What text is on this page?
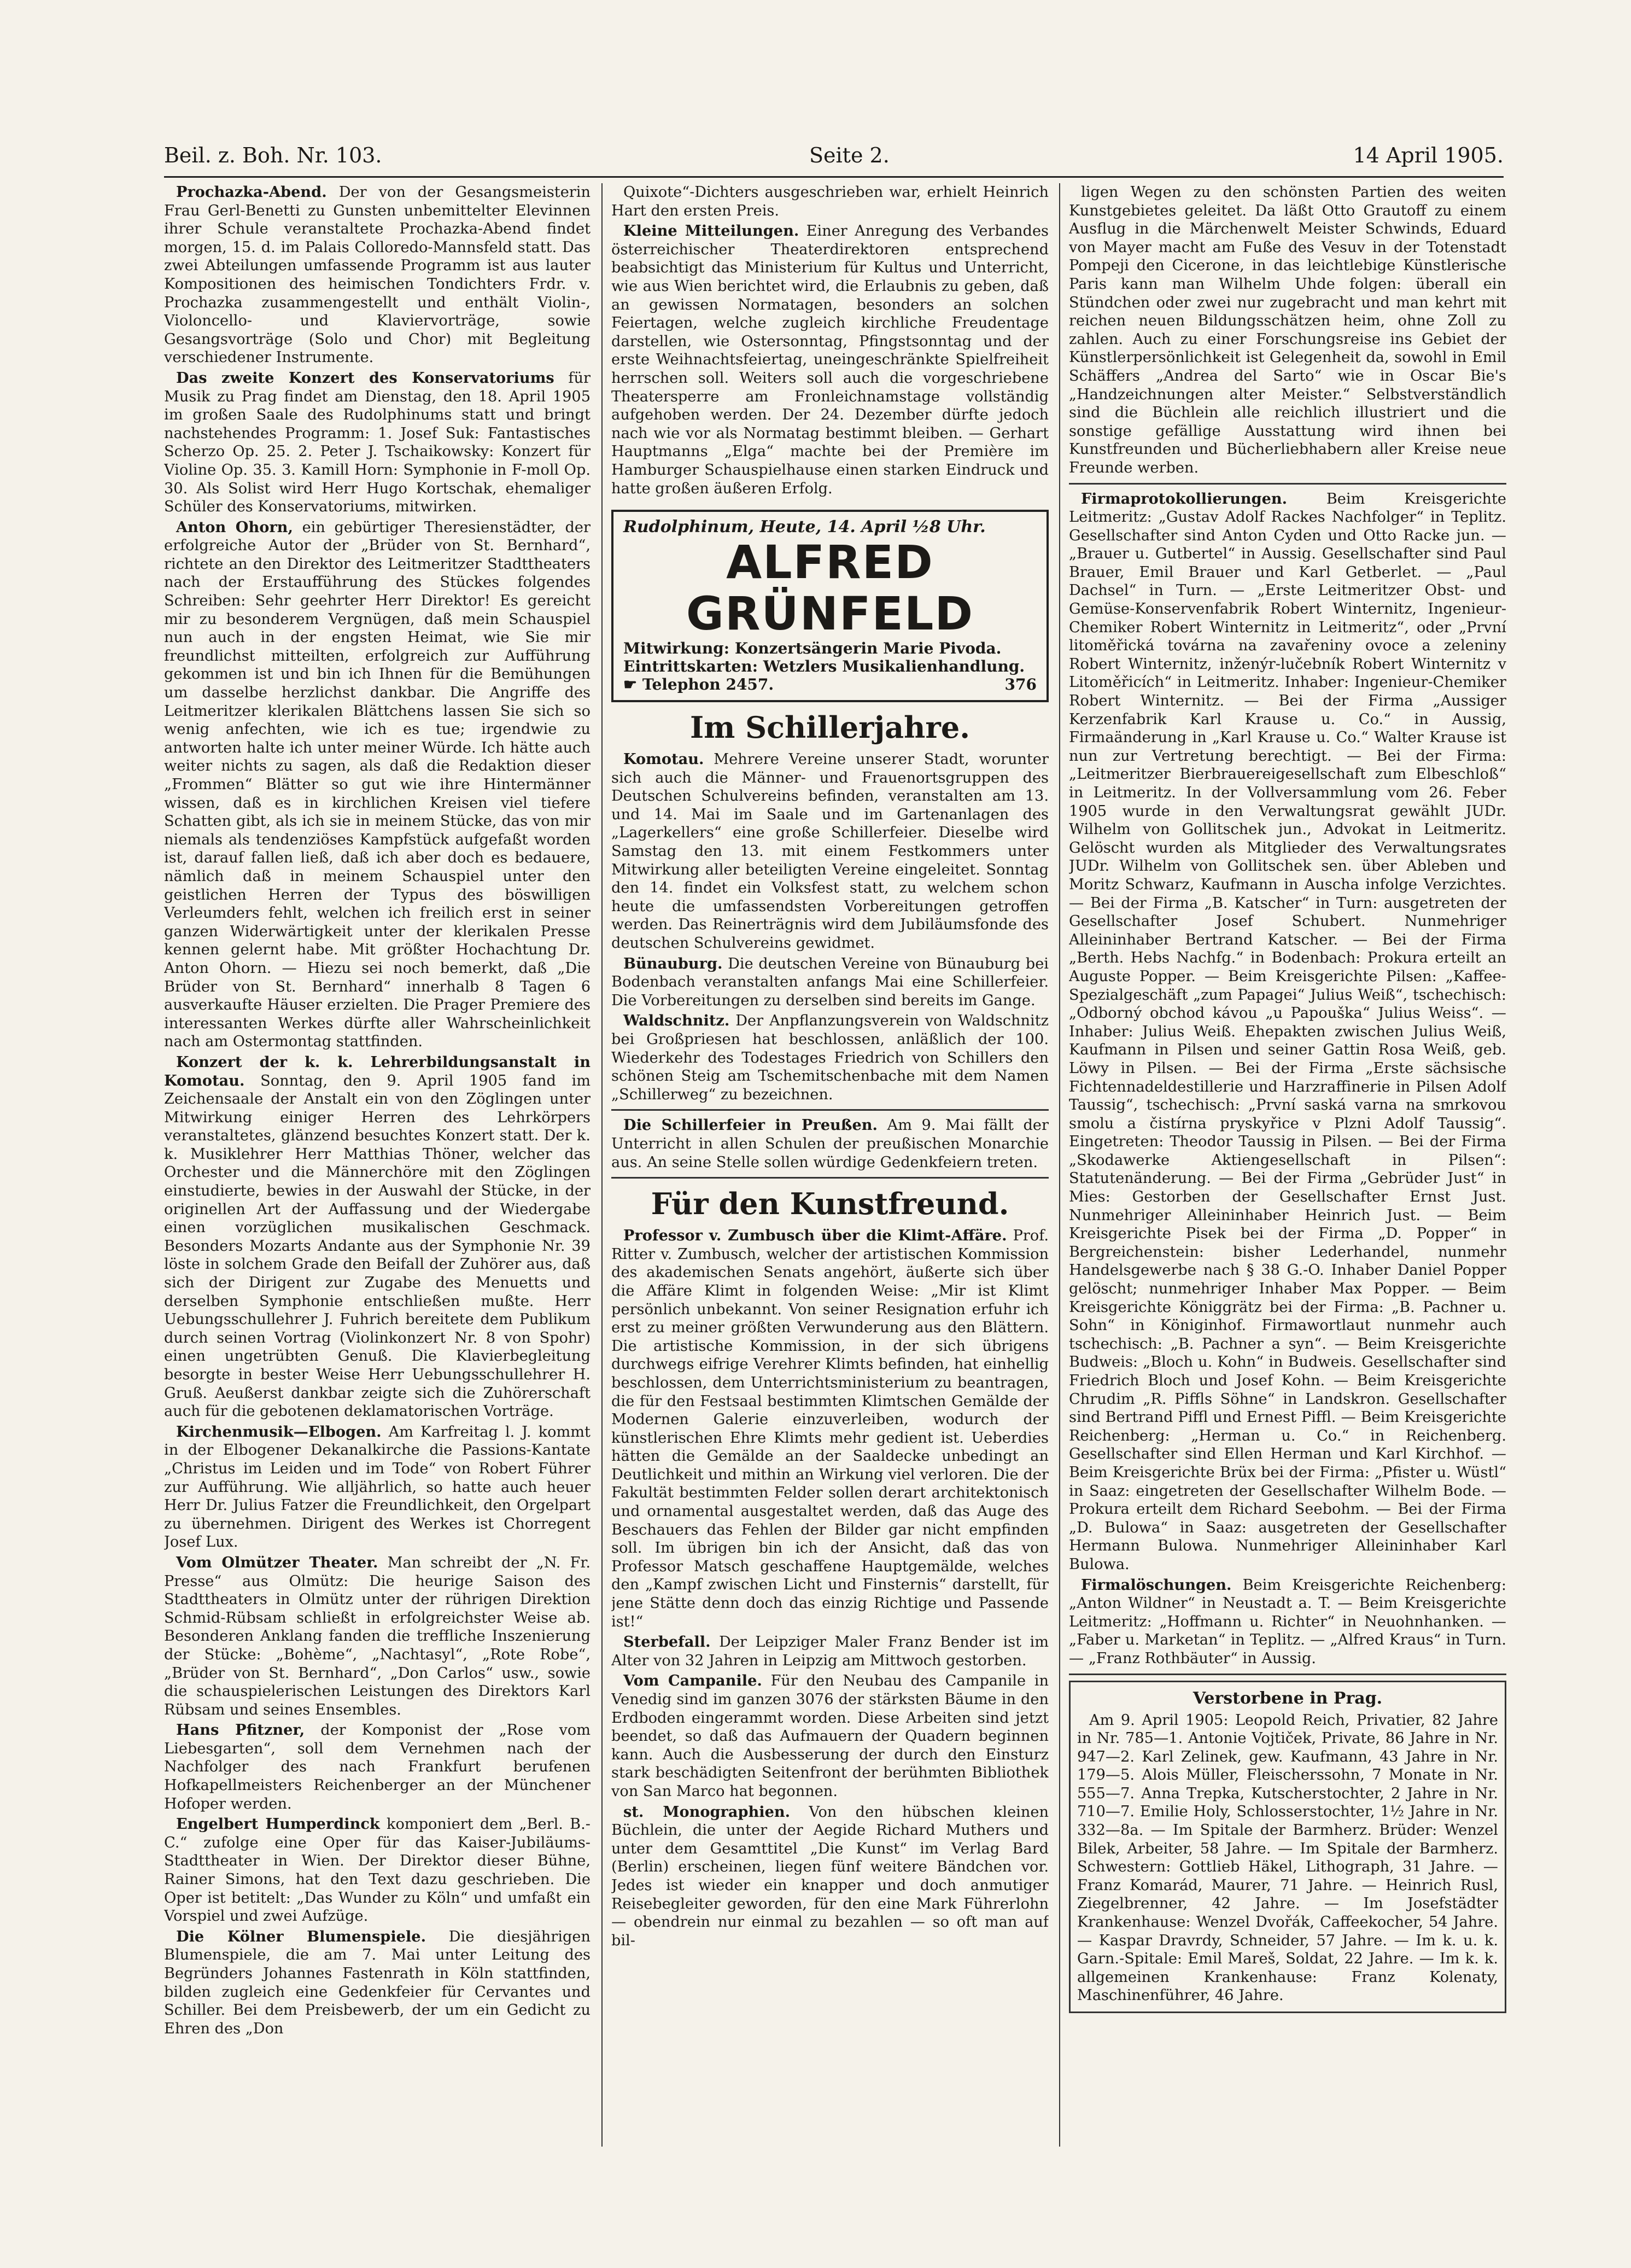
Beil. z. Boh. Nr. 103.	Seite 2.	14 April 1905.

Prochazka-Abend. Der von der Gesangsmeisterin Frau Gerl-Benetti zu Gunsten unbemittelter Elevinnen ihrer Schule veranstaltete Prochazka-Abend findet morgen, 15. d. im Palais Colloredo-Mannsfeld statt. Das zwei Abteilungen umfassende Programm ist aus lauter Kompositionen des heimischen Tondichters Frdr. v. Prochazka zusammengestellt und enthält Violin-, Violoncello- und Klaviervorträge, sowie Gesangsvorträge (Solo und Chor) mit Begleitung verschiedener Instrumente.

Das zweite Konzert des Konservatoriums für Musik zu Prag findet am Dienstag, den 18. April 1905 im großen Saale des Rudolphinums statt und bringt nachstehendes Programm: 1. Josef Suk: Fantastisches Scherzo Op. 25. 2. Peter J. Tschaikowsky: Konzert für Violine Op. 35. 3. Kamill Horn: Symphonie in F-moll Op. 30. Als Solist wird Herr Hugo Kortschak, ehemaliger Schüler des Konservatoriums, mitwirken.

Anton Ohorn, ein gebürtiger Theresienstädter, der erfolgreiche Autor der „Brüder von St. Bernhard“, richtete an den Direktor des Leitmeritzer Stadttheaters nach der Erstaufführung des Stückes folgendes Schreiben: Sehr geehrter Herr Direktor! Es gereicht mir zu besonderem Vergnügen, daß mein Schauspiel nun auch in der engsten Heimat, wie Sie mir freundlichst mitteilten, erfolgreich zur Aufführung gekommen ist und bin ich Ihnen für die Bemühungen um dasselbe herzlichst dankbar. Die Angriffe des Leitmeritzer klerikalen Blättchens lassen Sie sich so wenig anfechten, wie ich es tue; irgendwie zu antworten halte ich unter meiner Würde. Ich hätte auch weiter nichts zu sagen, als daß die Redaktion dieser „Frommen“ Blätter so gut wie ihre Hintermänner wissen, daß es in kirchlichen Kreisen viel tiefere Schatten gibt, als ich sie in meinem Stücke, das von mir niemals als tendenziöses Kampfstück aufgefaßt worden ist, darauf fallen ließ, daß ich aber doch es bedauere, nämlich daß in meinem Schauspiel unter den geistlichen Herren der Typus des böswilligen Verleumders fehlt, welchen ich freilich erst in seiner ganzen Widerwärtigkeit unter der klerikalen Presse kennen gelernt habe. Mit größter Hochachtung Dr. Anton Ohorn. — Hiezu sei noch bemerkt, daß „Die Brüder von St. Bernhard“ innerhalb 8 Tagen 6 ausverkaufte Häuser erzielten. Die Prager Premiere des interessanten Werkes dürfte aller Wahrscheinlichkeit nach am Ostermontag stattfinden.

Konzert der k. k. Lehrerbildungsanstalt in Komotau. Sonntag, den 9. April 1905 fand im Zeichensaale der Anstalt ein von den Zöglingen unter Mitwirkung einiger Herren des Lehrkörpers veranstaltetes, glänzend besuchtes Konzert statt. Der k. k. Musiklehrer Herr Matthias Thöner, welcher das Orchester und die Männerchöre mit den Zöglingen einstudierte, bewies in der Auswahl der Stücke, in der originellen Art der Auffassung und der Wiedergabe einen vorzüglichen musikalischen Geschmack. Besonders Mozarts Andante aus der Symphonie Nr. 39 löste in solchem Grade den Beifall der Zuhörer aus, daß sich der Dirigent zur Zugabe des Menuetts und derselben Symphonie entschließen mußte. Herr Uebungsschullehrer J. Fuhrich bereitete dem Publikum durch seinen Vortrag (Violinkonzert Nr. 8 von Spohr) einen ungetrübten Genuß. Die Klavierbegleitung besorgte in bester Weise Herr Uebungsschullehrer H. Gruß. Aeußerst dankbar zeigte sich die Zuhörerschaft auch für die gebotenen deklamatorischen Vorträge.

Kirchenmusik—Elbogen. Am Karfreitag l. J. kommt in der Elbogener Dekanalkirche die Passions-Kantate „Christus im Leiden und im Tode“ von Robert Führer zur Aufführung. Wie alljährlich, so hatte auch heuer Herr Dr. Julius Fatzer die Freundlichkeit, den Orgelpart zu übernehmen. Dirigent des Werkes ist Chorregent Josef Lux.

Vom Olmützer Theater. Man schreibt der „N. Fr. Presse“ aus Olmütz: Die heurige Saison des Stadttheaters in Olmütz unter der rührigen Direktion Schmid-Rübsam schließt in erfolgreichster Weise ab. Besonderen Anklang fanden die treffliche Inszenierung der Stücke: „Bohème“, „Nachtasyl“, „Rote Robe“, „Brüder von St. Bernhard“, „Don Carlos“ usw., sowie die schauspielerischen Leistungen des Direktors Karl Rübsam und seines Ensembles.

Hans Pfitzner, der Komponist der „Rose vom Liebesgarten“, soll dem Vernehmen nach der Nachfolger des nach Frankfurt berufenen Hofkapellmeisters Reichenberger an der Münchener Hofoper werden.

Engelbert Humperdinck komponiert dem „Berl. B.-C.“ zufolge eine Oper für das Kaiser-Jubiläums-Stadttheater in Wien. Der Direktor dieser Bühne, Rainer Simons, hat den Text dazu geschrieben. Die Oper ist betitelt: „Das Wunder zu Köln“ und umfaßt ein Vorspiel und zwei Aufzüge.

Die Kölner Blumenspiele. Die diesjährigen Blumenspiele, die am 7. Mai unter Leitung des Begründers Johannes Fastenrath in Köln stattfinden, bilden zugleich eine Gedenkfeier für Cervantes und Schiller. Bei dem Preisbewerb, der um ein Gedicht zu Ehren des „Don

Quixote“-Dichters ausgeschrieben war, erhielt Heinrich Hart den ersten Preis.

Kleine Mitteilungen. Einer Anregung des Verbandes österreichischer Theaterdirektoren entsprechend beabsichtigt das Ministerium für Kultus und Unterricht, wie aus Wien berichtet wird, die Erlaubnis zu geben, daß an gewissen Normatagen, besonders an solchen Feiertagen, welche zugleich kirchliche Freudentage darstellen, wie Ostersonntag, Pfingstsonntag und der erste Weihnachtsfeiertag, uneingeschränkte Spielfreiheit herrschen soll. Weiters soll auch die vorgeschriebene Theatersperre am Fronleichnamstage vollständig aufgehoben werden. Der 24. Dezember dürfte jedoch nach wie vor als Normatag bestimmt bleiben. — Gerhart Hauptmanns „Elga“ machte bei der Première im Hamburger Schauspielhause einen starken Eindruck und hatte großen äußeren Erfolg.

Rudolphinum, Heute, 14. April ½8 Uhr.
ALFRED GRÜNFELD
Mitwirkung: Konzertsängerin Marie Pivoda.
Eintrittskarten: Wetzlers Musikalienhandlung.
☛ Telephon 2457.	376
Im Schillerjahre.

Komotau. Mehrere Vereine unserer Stadt, worunter sich auch die Männer- und Frauenortsgruppen des Deutschen Schulvereins befinden, veranstalten am 13. und 14. Mai im Saale und im Gartenanlagen des „Lagerkellers“ eine große Schillerfeier. Dieselbe wird Samstag den 13. mit einem Festkommers unter Mitwirkung aller beteiligten Vereine eingeleitet. Sonntag den 14. findet ein Volksfest statt, zu welchem schon heute die umfassendsten Vorbereitungen getroffen werden. Das Reinerträgnis wird dem Jubiläumsfonde des deutschen Schulvereins gewidmet.

Bünauburg. Die deutschen Vereine von Bünauburg bei Bodenbach veranstalten anfangs Mai eine Schillerfeier. Die Vorbereitungen zu derselben sind bereits im Gange.

Waldschnitz. Der Anpflanzungsverein von Waldschnitz bei Großpriesen hat beschlossen, anläßlich der 100. Wiederkehr des Todestages Friedrich von Schillers den schönen Steig am Tschemitschenbache mit dem Namen „Schillerweg“ zu bezeichnen.

Die Schillerfeier in Preußen. Am 9. Mai fällt der Unterricht in allen Schulen der preußischen Monarchie aus. An seine Stelle sollen würdige Gedenkfeiern treten.

Für den Kunstfreund.

Professor v. Zumbusch über die Klimt-Affäre. Prof. Ritter v. Zumbusch, welcher der artistischen Kommission des akademischen Senats angehört, äußerte sich über die Affäre Klimt in folgenden Weise: „Mir ist Klimt persönlich unbekannt. Von seiner Resignation erfuhr ich erst zu meiner größten Verwunderung aus den Blättern. Die artistische Kommission, in der sich übrigens durchwegs eifrige Verehrer Klimts befinden, hat einhellig beschlossen, dem Unterrichtsministerium zu beantragen, die für den Festsaal bestimmten Klimtschen Gemälde der Modernen Galerie einzuverleiben, wodurch der künstlerischen Ehre Klimts mehr gedient ist. Ueberdies hätten die Gemälde an der Saaldecke unbedingt an Deutlichkeit und mithin an Wirkung viel verloren. Die der Fakultät bestimmten Felder sollen derart architektonisch und ornamental ausgestaltet werden, daß das Auge des Beschauers das Fehlen der Bilder gar nicht empfinden soll. Im übrigen bin ich der Ansicht, daß das von Professor Matsch geschaffene Hauptgemälde, welches den „Kampf zwischen Licht und Finsternis“ darstellt, für jene Stätte denn doch das einzig Richtige und Passende ist!“

Sterbefall. Der Leipziger Maler Franz Bender ist im Alter von 32 Jahren in Leipzig am Mittwoch gestorben.

Vom Campanile. Für den Neubau des Campanile in Venedig sind im ganzen 3076 der stärksten Bäume in den Erdboden eingerammt worden. Diese Arbeiten sind jetzt beendet, so daß das Aufmauern der Quadern beginnen kann. Auch die Ausbesserung der durch den Einsturz stark beschädigten Seitenfront der berühmten Bibliothek von San Marco hat begonnen.

st. Monographien. Von den hübschen kleinen Büchlein, die unter der Aegide Richard Muthers und unter dem Gesamttitel „Die Kunst“ im Verlag Bard (Berlin) erscheinen, liegen fünf weitere Bändchen vor. Jedes ist wieder ein knapper und doch anmutiger Reisebegleiter geworden, für den eine Mark Führerlohn — obendrein nur einmal zu bezahlen — so oft man auf bil-

ligen Wegen zu den schönsten Partien des weiten Kunstgebietes geleitet. Da läßt Otto Grautoff zu einem Ausflug in die Märchenwelt Meister Schwinds, Eduard von Mayer macht am Fuße des Vesuv in der Totenstadt Pompeji den Cicerone, in das leichtlebige Künstlerische Paris kann man Wilhelm Uhde folgen: überall ein Stündchen oder zwei nur zugebracht und man kehrt mit reichen neuen Bildungsschätzen heim, ohne Zoll zu zahlen. Auch zu einer Forschungsreise ins Gebiet der Künstlerpersönlichkeit ist Gelegenheit da, sowohl in Emil Schäffers „Andrea del Sarto“ wie in Oscar Bie's „Handzeichnungen alter Meister.“ Selbstverständlich sind die Büchlein alle reichlich illustriert und die sonstige gefällige Ausstattung wird ihnen bei Kunstfreunden und Bücherliebhabern aller Kreise neue Freunde werben.

Firmaprotokollierungen.	Beim Kreisgerichte Leitmeritz: „Gustav Adolf Rackes Nachfolger“ in Teplitz. Gesellschafter sind Anton Cyden und Otto Racke jun. — „Brauer u. Gutbertel“ in Aussig. Gesellschafter sind Paul Brauer, Emil Brauer und Karl Getberlet. — „Paul Dachsel“ in Turn. — „Erste Leitmeritzer Obst- und Gemüse-Konservenfabrik Robert Winternitz, Ingenieur-Chemiker Robert Winternitz in Leitmeritz“, oder „První litoměřická továrna na zavařeniny ovoce a zeleniny Robert Winternitz, inženýr-lučebník Robert Winternitz v Litoměřicích“ in Leitmeritz. Inhaber: Ingenieur-Chemiker Robert Winternitz. — Bei der Firma „Aussiger Kerzenfabrik Karl Krause u. Co.“ in Aussig, Firmaänderung in „Karl Krause u. Co.“ Walter Krause ist nun zur Vertretung berechtigt. — Bei der Firma: „Leitmeritzer Bierbrauereigesellschaft zum Elbeschloß“ in Leitmeritz. In der Vollversammlung vom 26. Feber 1905 wurde in den Verwaltungsrat gewählt JUDr. Wilhelm von Gollitschek jun., Advokat in Leitmeritz. Gelöscht wurden als Mitglieder des Verwaltungsrates JUDr. Wilhelm von Gollitschek sen. über Ableben und Moritz Schwarz, Kaufmann in Auscha infolge Verzichtes. — Bei der Firma „B. Katscher“ in Turn: ausgetreten der Gesellschafter Josef Schubert. Nunmehriger Alleininhaber Bertrand Katscher. — Bei der Firma „Berth. Hebs Nachfg.“ in Bodenbach: Prokura erteilt an Auguste Popper. — Beim Kreisgerichte Pilsen: „Kaffee-Spezialgeschäft „zum Papagei“ Julius Weiß“, tschechisch: „Odborný obchod kávou „u Papouška“ Julius Weiss“. — Inhaber: Julius Weiß. Ehepakten zwischen Julius Weiß, Kaufmann in Pilsen und seiner Gattin Rosa Weiß, geb. Löwy in Pilsen. — Bei der Firma „Erste sächsische Fichtennadeldestillerie und Harzraffinerie in Pilsen Adolf Taussig“, tschechisch: „První saská varna na smrkovou smolu a čistírna pryskyřice v Plzni Adolf Taussig“. Eingetreten: Theodor Taussig in Pilsen. — Bei der Firma „Skodawerke Aktiengesellschaft in Pilsen“: Statutenänderung. — Bei der Firma „Gebrüder Just“ in Mies: Gestorben der Gesellschafter Ernst Just. Nunmehriger Alleininhaber Heinrich Just. — Beim Kreisgerichte Pisek bei der Firma „D. Popper“ in Bergreichenstein: bisher Lederhandel, nunmehr Handelsgewerbe nach § 38 G.-O. Inhaber Daniel Popper gelöscht; nunmehriger Inhaber Max Popper. — Beim Kreisgerichte Königgrätz bei der Firma: „B. Pachner u. Sohn“ in Königinhof. Firmawortlaut nunmehr auch tschechisch: „B. Pachner a syn“. — Beim Kreisgerichte Budweis: „Bloch u. Kohn“ in Budweis. Gesellschafter sind Friedrich Bloch und Josef Kohn. — Beim Kreisgerichte Chrudim „R. Piffls Söhne“ in Landskron. Gesellschafter sind Bertrand Piffl und Ernest Piffl. — Beim Kreisgerichte Reichenberg: „Herman u. Co.“ in Reichenberg. Gesellschafter sind Ellen Herman und Karl Kirchhof. — Beim Kreisgerichte Brüx bei der Firma: „Pfister u. Wüstl“ in Saaz: eingetreten der Gesellschafter Wilhelm Bode. — Prokura erteilt dem Richard Seebohm. — Bei der Firma „D. Bulowa“ in Saaz: ausgetreten der Gesellschafter Hermann Bulowa. Nunmehriger Alleininhaber Karl Bulowa.

Firmalöschungen. Beim Kreisgerichte Reichenberg: „Anton Wildner“ in Neustadt a. T. — Beim Kreisgerichte Leitmeritz: „Hoffmann u. Richter“ in Neuohnhanken. — „Faber u. Marketan“ in Teplitz. — „Alfred Kraus“ in Turn. — „Franz Rothbäuter“ in Aussig.

Verstorbene in Prag.

Am 9. April 1905: Leopold Reich, Privatier, 82 Jahre in Nr. 785—1. Antonie Vojtiček, Private, 86 Jahre in Nr. 947—2. Karl Zelinek, gew. Kaufmann, 43 Jahre in Nr. 179—5. Alois Müller, Fleischerssohn, 7 Monate in Nr. 555—7. Anna Trepka, Kutscherstochter, 2 Jahre in Nr. 710—7. Emilie Holy, Schlosserstochter, 1½ Jahre in Nr. 332—8a. — Im Spitale der Barmherz. Brüder: Wenzel Bilek, Arbeiter, 58 Jahre. — Im Spitale der Barmherz. Schwestern: Gottlieb Häkel, Lithograph, 31 Jahre. — Franz Komarád, Maurer, 71 Jahre. — Heinrich Rusl, Ziegelbrenner, 42 Jahre. — Im Josefstädter Krankenhause: Wenzel Dvořák, Caffeekocher, 54 Jahre. — Kaspar Dravrdy, Schneider, 57 Jahre. — Im k. u. k. Garn.-Spitale: Emil Mareš, Soldat, 22 Jahre. — Im k. k. allgemeinen Krankenhause: Franz Kolenaty, Maschinenführer, 46 Jahre.
